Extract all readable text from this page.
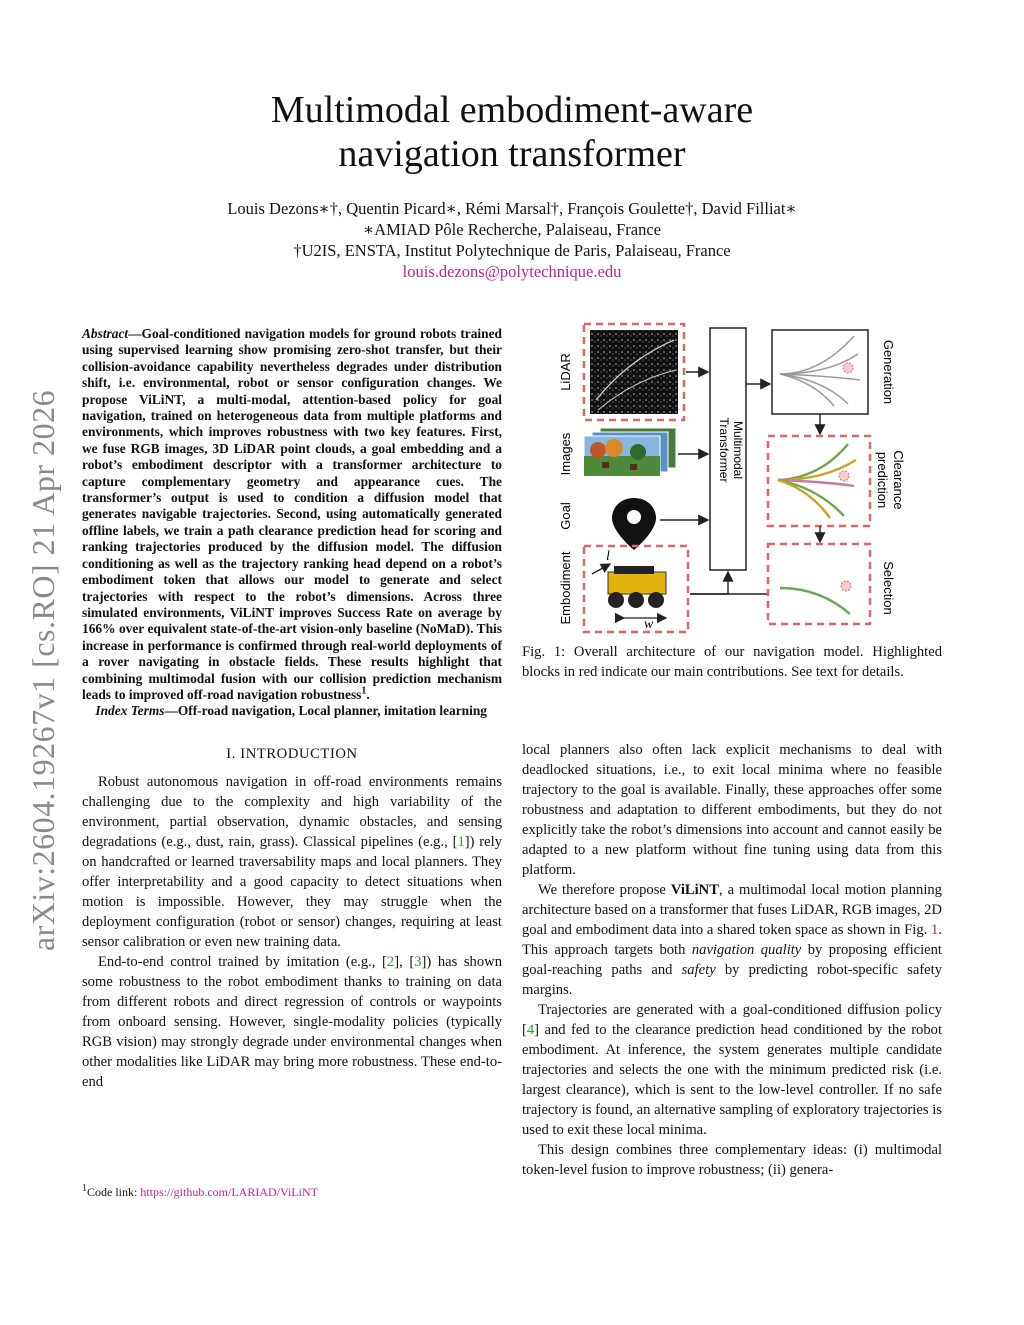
arXiv:2604.19267v1 [cs.RO] 21 Apr 2026
Multimodal embodiment-aware
navigation transformer
Louis Dezons∗†, Quentin Picard∗, Rémi Marsal†, François Goulette†, David Filliat∗
∗AMIAD Pôle Recherche, Palaiseau, France
†U2IS, ENSTA, Institut Polytechnique de Paris, Palaiseau, France
louis.dezons@polytechnique.edu

Abstract—Goal-conditioned navigation models for ground robots trained using supervised learning show promising zero-shot transfer, but their collision-avoidance capability nevertheless degrades under distribution shift, i.e. environmental, robot or sensor configuration changes. We propose ViLiNT, a multi-modal, attention-based policy for goal navigation, trained on heterogeneous data from multiple platforms and environments, which improves robustness with two key features. First, we fuse RGB images, 3D LiDAR point clouds, a goal embedding and a robot’s embodiment descriptor with a transformer architecture to capture complementary geometry and appearance cues. The transformer’s output is used to condition a diffusion model that generates navigable trajectories. Second, using automatically generated offline labels, we train a path clearance prediction head for scoring and ranking trajectories produced by the diffusion model. The diffusion conditioning as well as the trajectory ranking head depend on a robot’s embodiment token that allows our model to generate and select trajectories with respect to the robot’s dimensions. Across three simulated environments, ViLiNT improves Success Rate on average by 166% over equivalent state-of-the-art vision-only baseline (NoMaD). This increase in performance is confirmed through real-world deployments of a rover navigating in obstacle fields. These results highlight that combining multimodal fusion with our collision prediction mechanism leads to improved off-road navigation robustness$^1$.

Index Terms—Off-road navigation, Local planner, imitation learning

I. INTRODUCTION

Robust autonomous navigation in off-road environments remains challenging due to the complexity and high variability of the environment, partial observation, dynamic obstacles, and sensing degradations (e.g., dust, rain, grass). Classical pipelines (e.g., [1]) rely on handcrafted or learned traversability maps and local planners. They offer interpretability and a good capacity to detect situations when motion is impossible. However, they may struggle when the deployment configuration (robot or sensor) changes, requiring at least sensor calibration or even new training data.

End-to-end control trained by imitation (e.g., [2], [3]) has shown some robustness to the robot embodiment thanks to training on data from different robots and direct regression of controls or waypoints from onboard sensing. However, single-modality policies (typically RGB vision) may strongly degrade under environmental changes when other modalities like LiDAR may bring more robustness. These end-to-end

$^1$Code link: https://github.com/LARIAD/ViLiNT
LiDAR
Images
Goal
l
w
Embodiment
Multimodal
Transformer
Generation
Clearance
prediction
Selection
Fig. 1: Overall architecture of our navigation model. Highlighted blocks in red indicate our main contributions. See text for details.

local planners also often lack explicit mechanisms to deal with deadlocked situations, i.e., to exit local minima where no feasible trajectory to the goal is available. Finally, these approaches offer some robustness and adaptation to different embodiments, but they do not explicitly take the robot’s dimensions into account and cannot easily be adapted to a new platform without fine tuning using data from this platform.

We therefore propose ViLiNT, a multimodal local motion planning architecture based on a transformer that fuses LiDAR, RGB images, 2D goal and embodiment data into a shared token space as shown in Fig. 1. This approach targets both navigation quality by proposing efficient goal-reaching paths and safety by predicting robot-specific safety margins.

Trajectories are generated with a goal-conditioned diffusion policy [4] and fed to the clearance prediction head conditioned by the robot embodiment. At inference, the system generates multiple candidate trajectories and selects the one with the minimum predicted risk (i.e. largest clearance), which is sent to the low-level controller. If no safe trajectory is found, an alternative sampling of exploratory trajectories is used to exit these local minima.

This design combines three complementary ideas: (i) multimodal token-level fusion to improve robustness; (ii) genera-
